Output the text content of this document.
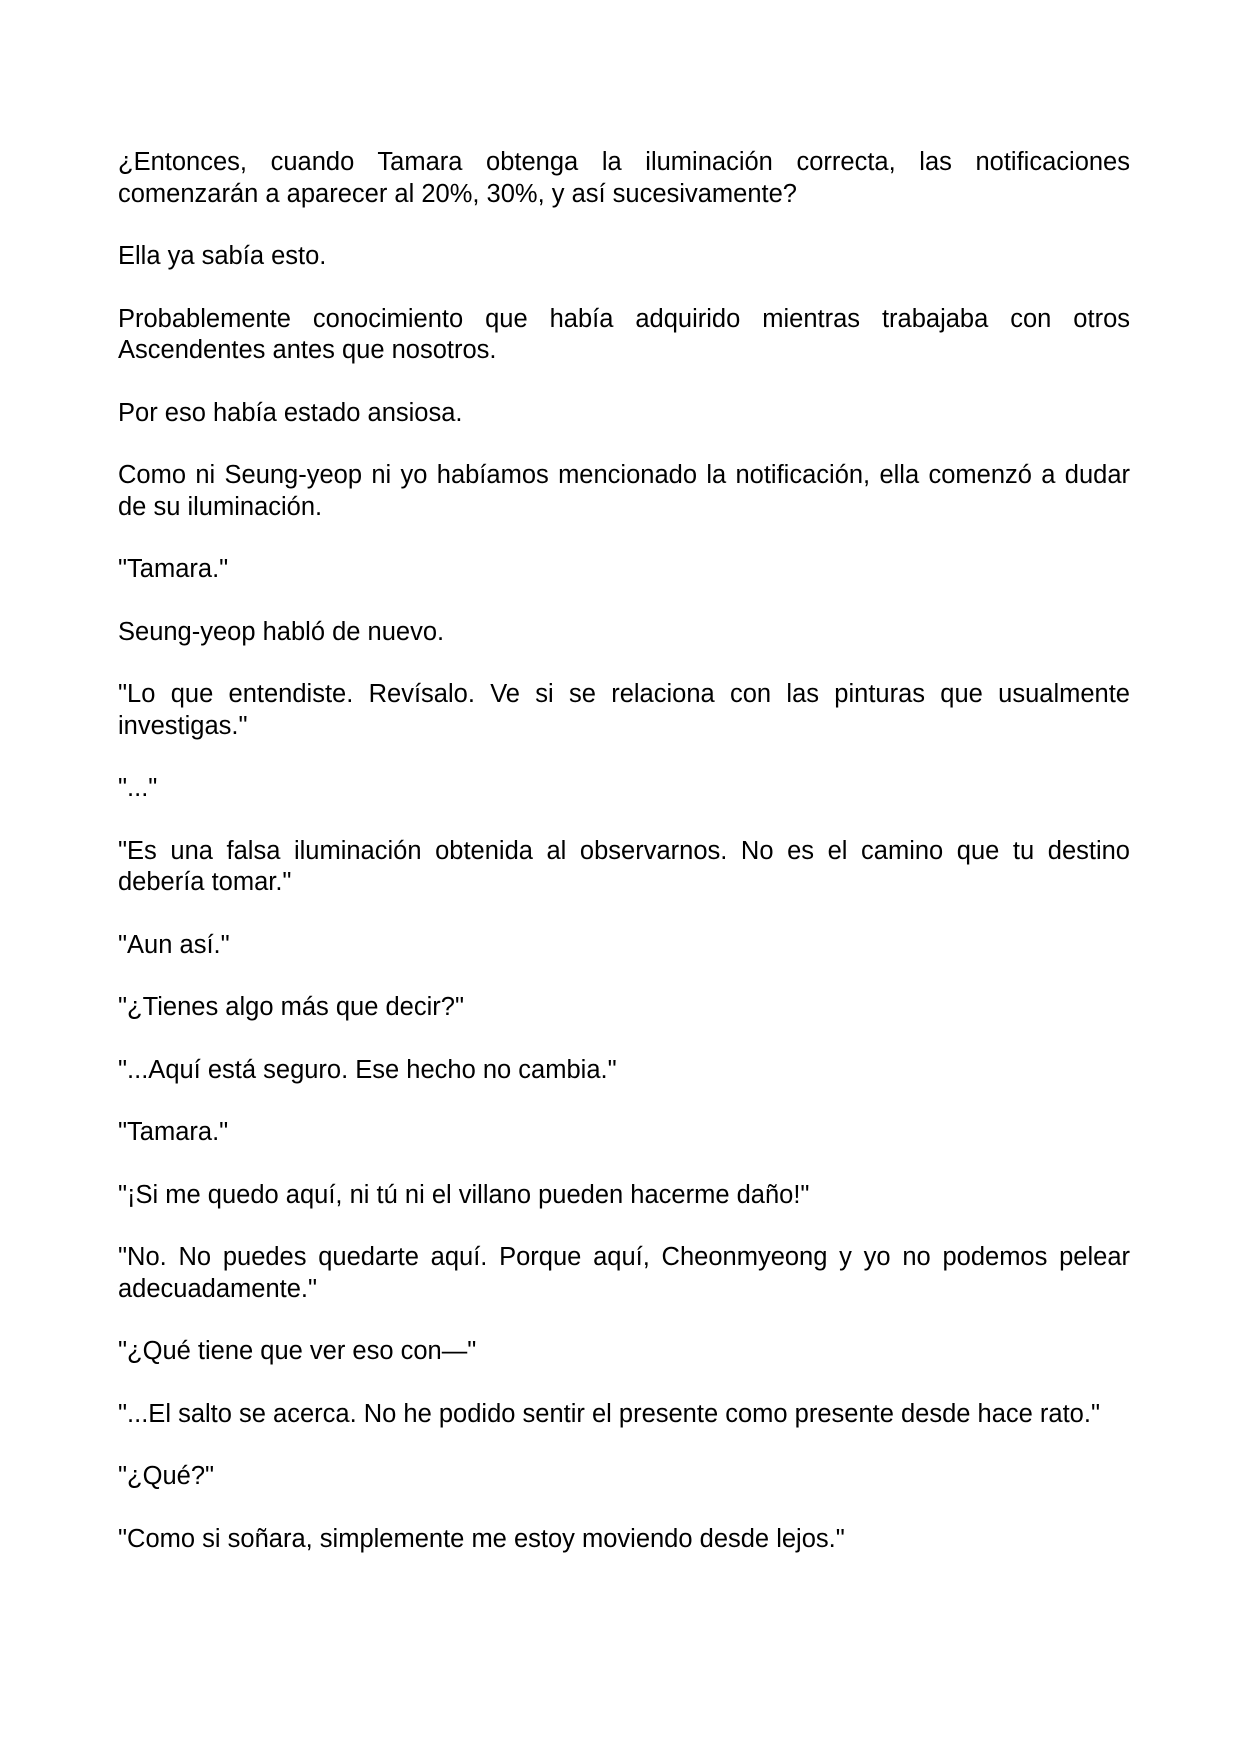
¿Entonces, cuando Tamara obtenga la iluminación correcta, las notificaciones comenzarán a aparecer al 20%, 30%, y así sucesivamente?

Ella ya sabía esto.

Probablemente conocimiento que había adquirido mientras trabajaba con otros Ascendentes antes que nosotros.

Por eso había estado ansiosa.

Como ni Seung-yeop ni yo habíamos mencionado la notificación, ella comenzó a dudar de su iluminación.

"Tamara."

Seung-yeop habló de nuevo.

"Lo que entendiste. Revísalo. Ve si se relaciona con las pinturas que usualmente investigas."

"..."

"Es una falsa iluminación obtenida al observarnos. No es el camino que tu destino debería tomar."

"Aun así."

"¿Tienes algo más que decir?"

"...Aquí está seguro. Ese hecho no cambia."

"Tamara."

"¡Si me quedo aquí, ni tú ni el villano pueden hacerme daño!"

"No. No puedes quedarte aquí. Porque aquí, Cheonmyeong y yo no podemos pelear adecuadamente."

"¿Qué tiene que ver eso con—"

"...El salto se acerca. No he podido sentir el presente como presente desde hace rato."

"¿Qué?"

"Como si soñara, simplemente me estoy moviendo desde lejos."
